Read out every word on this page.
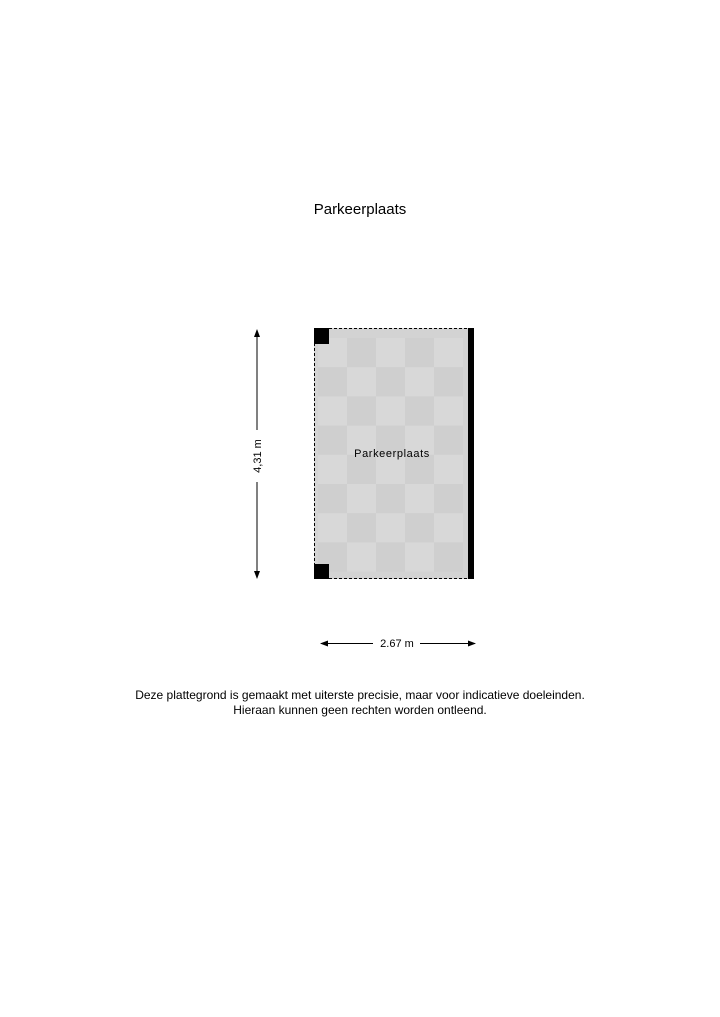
Parkeerplaats
Parkeerplaats
4,31 m
2.67 m
Deze plattegrond is gemaakt met uiterste precisie, maar voor indicatieve doeleinden.
Hieraan kunnen geen rechten worden ontleend.
